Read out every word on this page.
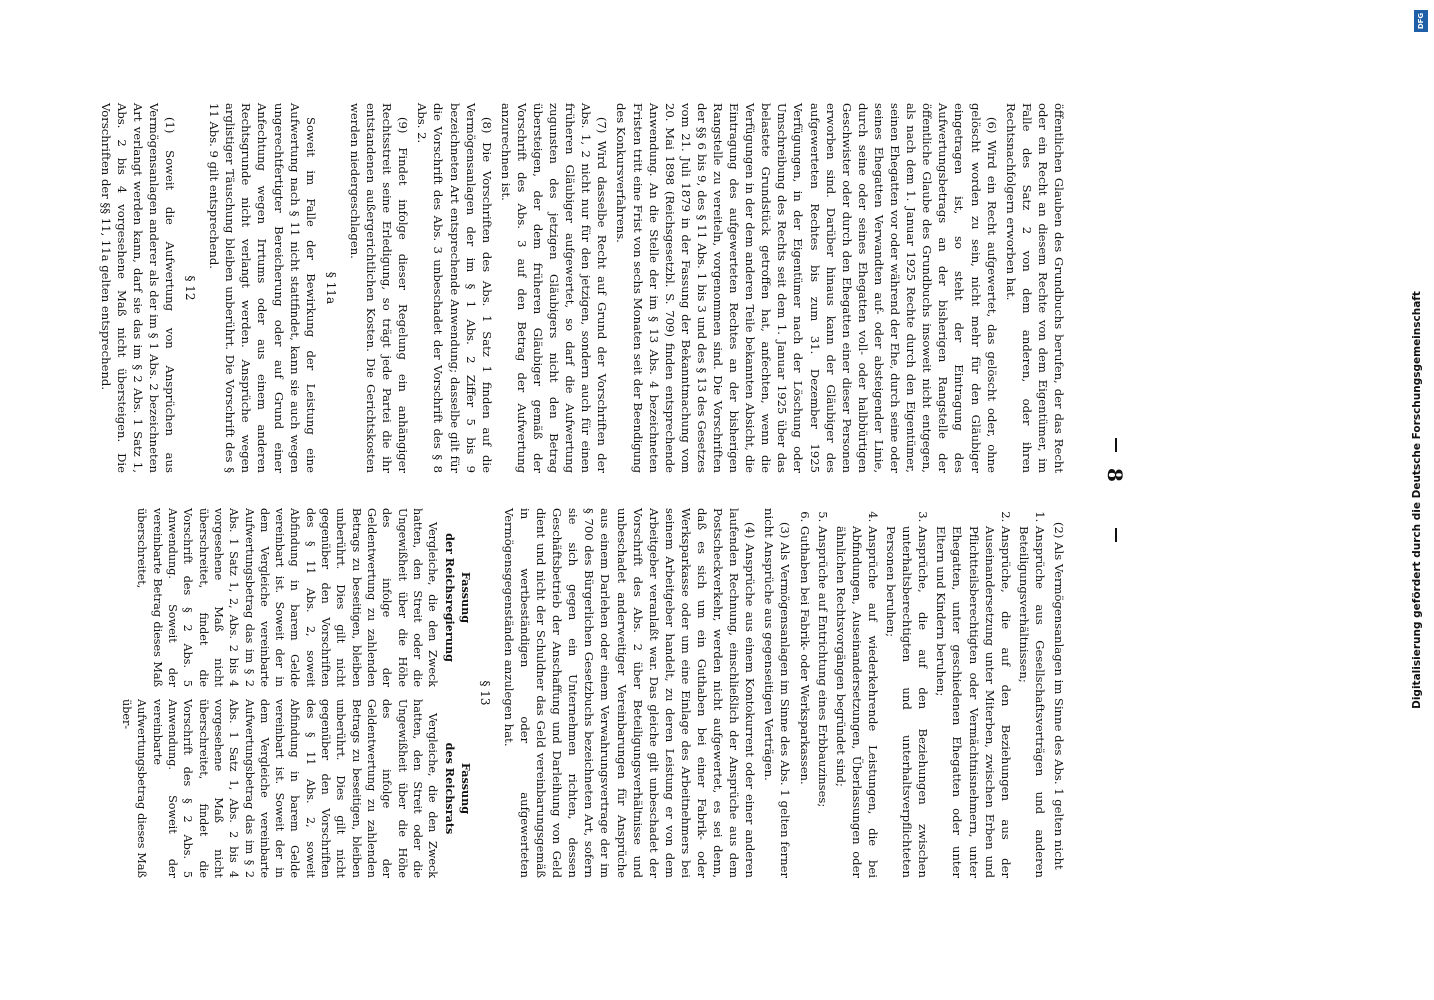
8

öffentlichen Glauben des Grundbuchs berufen, der das Recht oder ein Recht an diesem Rechte von dem Eigentümer, im Falle des Satz 2 von dem anderen, oder ihren Rechtsnachfolgern erworben hat.

(6) Wird ein Recht aufgewertet, das gelöscht oder, ohne gelöscht worden zu sein, nicht mehr für den Gläubiger eingetragen ist, so steht der Eintragung des Aufwertungsbetrags an der bisherigen Rangstelle der öffentliche Glaube des Grundbuchs insoweit nicht entgegen, als nach dem 1. Januar 1925 Rechte durch den Eigentümer, seinen Ehegatten vor oder während der Ehe, durch seine oder seines Ehegatten Verwandten auf- oder absteigender Linie, durch seine oder seines Ehegatten voll- oder halbbürtigen Geschwister oder durch den Ehegatten einer dieser Personen erworben sind. Darüber hinaus kann der Gläubiger des aufgewerteten Rechtes bis zum 31. Dezember 1925 Verfügungen, in der Eigentümer nach der Löschung oder Umschreibung des Rechts seit dem 1. Januar 1925 über das belastete Grundstück getroffen hat, anfechten, wenn die Verfügungen in der dem anderen Teile bekannten Absicht, die Eintragung des aufgewerteten Rechtes an der bisherigen Rangstelle zu vereiteln, vorgenommen sind. Die Vorschriften der §§ 6 bis 9, des § 11 Abs. 1 bis 3 und des § 13 des Gesetzes vom 21. Juli 1879 in der Fassung der Bekanntmachung vom 20. Mai 1898 (Reichsgesetzbl. S. 709) finden entsprechende Anwendung. An die Stelle der im § 13 Abs. 4 bezeichneten Fristen tritt eine Frist von sechs Monaten seit der Beendigung des Konkursverfahrens.

(7) Wird dasselbe Recht auf Grund der Vorschriften der Abs. 1, 2 nicht nur für den jetzigen, sondern auch für einen früheren Gläubiger aufgewertet, so darf die Aufwertung zugunsten des jetzigen Gläubigers nicht den Betrag übersteigen, der dem früheren Gläubiger gemäß der Vorschrift des Abs. 3 auf den Betrag der Aufwertung anzurechnen ist.

(8) Die Vorschriften des Abs. 1 Satz 1 finden auf die Vermögensanlagen der im § 1 Abs. 2 Ziffer 5 bis 9 bezeichneten Art entsprechende Anwendung; dasselbe gilt für die Vorschrift des Abs. 3 unbeschadet der Vorschrift des § 8 Abs. 2.

(9) Findet infolge dieser Regelung ein anhängiger Rechtsstreit seine Erledigung, so trägt jede Partei die ihr entstandenen außergerichtlichen Kosten. Die Gerichtskosten werden niedergeschlagen.

§ 11a

Soweit im Falle der Bewirkung der Leistung eine Aufwertung nach § 11 nicht stattfindet, kann sie auch wegen ungerechtfertigter Bereicherung oder auf Grund einer Anfechtung wegen Irrtums oder aus einem anderen Rechtsgrunde nicht verlangt werden. Ansprüche wegen arglistiger Täuschung bleiben unberührt. Die Vorschrift des § 11 Abs. 9 gilt entsprechend.

§ 12

(1) Soweit die Aufwertung von Ansprüchen aus Vermögensanlagen anderer als der im § 1 Abs. 2 bezeichneten Art verlangt werden kann, darf sie das im § 2 Abs. 1 Satz 1, Abs. 2 bis 4 vorgesehene Maß nicht übersteigen. Die Vorschriften der §§ 11, 11a gelten entsprechend.

(2) Als Vermögensanlagen im Sinne des Abs. 1 gelten nicht

1. Ansprüche aus Gesellschaftsverträgen und anderen Beteiligungsverhältnissen;
2. Ansprüche, die auf den Beziehungen aus der Auseinandersetzung unter Miterben, zwischen Erben und Pflichtteilsberechtigten oder Vermächtnisnehmern, unter Ehegatten, unter geschiedenen Ehegatten oder unter Eltern und Kindern beruhen;
3. Ansprüche, die auf den Beziehungen zwischen unterhaltsberechtigten und unterhaltsverpflichteten Personen beruhen;
4. Ansprüche auf wiederkehrende Leistungen, die bei Abfindungen, Auseinandersetzungen, Überlassungen oder ähnlichen Rechtsvorgängen begründet sind;
5. Ansprüche auf Entrichtung eines Erbbauzinses;
6. Guthaben bei Fabrik- oder Werksparkassen.

(3) Als Vermögensanlagen im Sinne des Abs. 1 gelten ferner nicht Ansprüche aus gegenseitigen Verträgen.

(4) Ansprüche aus einem Kontokurrent oder einer anderen laufenden Rechnung, einschließlich der Ansprüche aus dem Postscheckverkehr, werden nicht aufgewertet, es sei denn, daß es sich um ein Guthaben bei einer Fabrik- oder Werksparkasse oder um eine Einlage des Arbeitnehmers bei seinem Arbeitgeber handelt, zu deren Leistung er von dem Arbeitgeber veranlaßt war. Das gleiche gilt unbeschadet der Vorschrift des Abs. 2 über Beteiligungsverhältnisse und unbeschadet anderweitiger Vereinbarungen für Ansprüche aus einem Darlehen oder einem Verwahrungsvertrage der im § 700 des Bürgerlichen Gesetzbuchs bezeichneten Art, sofern sie sich gegen ein Unternehmen richten, dessen Geschäftsbetrieb der Anschaffung und Darleihung von Geld dient und nicht der Schuldner das Geld vereinbarungsgemäß in wertbeständigen oder aufgewerteten Vermögensgegenständen anzulegen hat.

§ 13
Fassung
der Reichsregierung

Vergleiche, die den Zweck hatten, den Streit oder die Ungewißheit über die Höhe des infolge der Geldentwertung zu zahlenden Betrags zu beseitigen, bleiben unberührt. Dies gilt nicht gegenüber den Vorschriften des § 11 Abs. 2, soweit Abfindung in barem Gelde vereinbart ist. Soweit der in dem Vergleiche vereinbarte Aufwertungsbetrag das im § 2 Abs. 1 Satz 1, 2, Abs. 2 bis 4 vorgesehene Maß nicht überschreitet, findet die Vorschrift des § 2 Abs. 5 Anwendung. Soweit der vereinbarte Betrag dieses Maß überschreitet,

Fassung
des Reichsrats

Vergleiche, die den Zweck hatten, den Streit oder die Ungewißheit über die Höhe des infolge der Geldentwertung zu zahlenden Betrags zu beseitigen, bleiben unberührt. Dies gilt nicht gegenüber den Vorschriften des § 11 Abs. 2, soweit Abfindung in barem Gelde vereinbart ist. Soweit der in dem Vergleiche vereinbarte Aufwertungsbetrag das im § 2 Abs. 1 Satz 1, Abs. 2 bis 4 vorgesehene Maß nicht überschreitet, findet die Vorschrift des § 2 Abs. 5 Anwendung. Soweit der vereinbarte Aufwertungsbetrag dieses Maß über-

Digitalisierung gefördert durch die Deutsche Forschungsgemeinschaft
DFG
